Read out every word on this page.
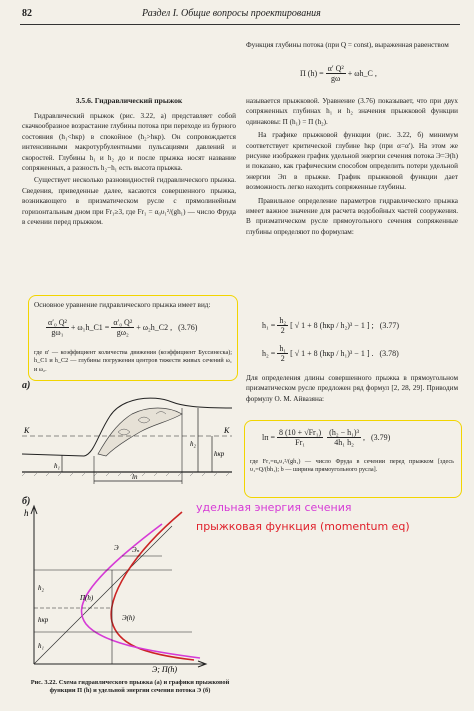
82	Раздел I. Общие вопросы проектирования
3.5.6. Гидравлический прыжок

Гидравлический прыжок (рис. 3.22, а) представляет собой скачкообразное возрастание глубины потока при переходе из бурного состояния (h₁<hкр) в спокойное (h₂>hкр). Он сопровождается интенсивными макротурбулентными пульсациями давлений и скоростей. Глубины h₁ и h₂ до и после прыжка носят название сопряженных, а разность h₂−h₁ есть высота прыжка.

Существует несколько разновидностей гидравлического прыжка. Сведения, приведенные далее, касаются совершенного прыжка, возникающего в призматическом русле с прямолинейным горизонтальным дном при Fr₁≥3, где Fr₁ = α₀υ₁²/(gh₁) — число Фруда в сечении перед прыжком.

Основное уравнение гидравлического прыжка имеет вид:
$\frac{\text{α′₀ Q²}}{\text{gω₁}}$ + ω₁h_C1 = $\frac{\text{α′₀ Q²}}{\text{gω₂}}$ + ω₂h_C2 , (3.76)
где α′ — коэффициент количества движения (коэффициент Буссинеска); h_C1 и h_C2 — глубины погружения центров тяжести живых сечений ω₁ и ω₂.
а)
K	K
h₁
h₂
hкр
lп
б)
h
Э; П(h)
Эₙ
Э
П(h)
Э(h)
h₂
hкр
h₁
Рис. 3.22. Схема гидравлического прыжка (а) и графики прыжковой функции П (h) и удельной энергии сечения потока Э (б)
удельная энергия сечения
прыжковая функция (momentum eq)
Функция глубины потока (при Q = const), выраженная равенством
П $(h) = \frac{\text{α′ Q²}}{g\omega}$ + ωh_C ,

называется прыжковой. Уравнение (3.76) показывает, что при двух сопряженных глубинах h₁ и h₂ значения прыжковой функции одинаковы: П (h₁) = П (h₂).

На графике прыжковой функции (рис. 3.22, б) минимум соответствует критической глубине hкр (при α=α′). На этом же рисунке изображен график удельной энергии сечения потока Э=Э(h) и показано, как графическим способом определить потери удельной энергии Эп в прыжке. График прыжковой функции дает возможность легко находить сопряженные глубины.

Правильное определение параметров гидравлического прыжка имеет важное значение для расчета водобойных частей сооружения. В призматическом русле прямоугольного сечения сопряженные глубины определяют по формулам:

$h_1 = \frac{\text{h₂}}{2}$ [ √ 1 + 8 (hкр / h₂)³ − 1 ] ; (3.77)
$h_2 = \frac{\text{h₁}}{2}$ [ √ 1 + 8 (hкр / h₁)³ − 1 ] . (3.78)
Для определения длины совершенного прыжка в прямоугольном призматическом русле предложен ряд формул [2, 28, 29]. Приводим формулу О. М. Айвазяна:
lп = $\frac{\text{8 (10 + √Fr₁)}}{\text{Fr₁}} \frac{\text{(h₂ − h₁)³}}{\text{4h₁ h₂}}$ , (3.79)
где Fr₁=α₀υ₁²/(gh₁) — число Фруда в сечении перед прыжком [здесь υ₁=Q/(bh₁); b — ширина прямоугольного русла].
